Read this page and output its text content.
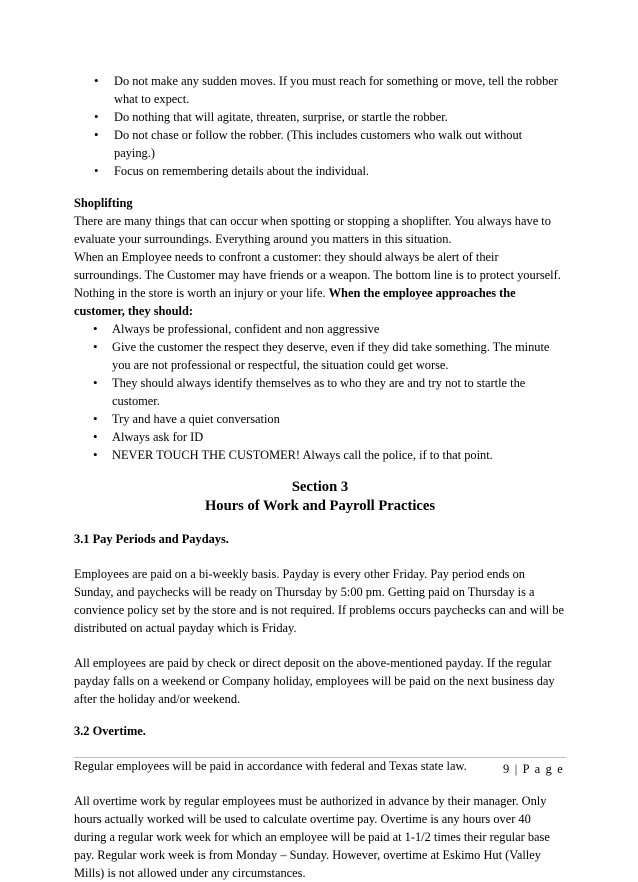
• Do not make any sudden moves. If you must reach for something or move, tell the robber what to expect.
• Do nothing that will agitate, threaten, surprise, or startle the robber.
• Do not chase or follow the robber. (This includes customers who walk out without paying.)
• Focus on remembering details about the individual.

Shoplifting

There are many things that can occur when spotting or stopping a shoplifter. You always have to evaluate your surroundings. Everything around you matters in this situation.

When an Employee needs to confront a customer: they should always be alert of their surroundings. The Customer may have friends or a weapon. The bottom line is to protect yourself. Nothing in the store is worth an injury or your life. When the employee approaches the customer, they should:

• Always be professional, confident and non aggressive
• Give the customer the respect they deserve, even if they did take something. The minute you are not professional or respectful, the situation could get worse.
• They should always identify themselves as to who they are and try not to startle the customer.
• Try and have a quiet conversation
• Always ask for ID
• NEVER TOUCH THE CUSTOMER! Always call the police, if to that point.

Section 3

Hours of Work and Payroll Practices

3.1 Pay Periods and Paydays.

Employees are paid on a bi-weekly basis. Payday is every other Friday. Pay period ends on Sunday, and paychecks will be ready on Thursday by 5:00 pm. Getting paid on Thursday is a convience policy set by the store and is not required. If problems occurs paychecks can and will be distributed on actual payday which is Friday.

All employees are paid by check or direct deposit on the above-mentioned payday. If the regular payday falls on a weekend or Company holiday, employees will be paid on the next business day after the holiday and/or weekend.

3.2 Overtime.

Regular employees will be paid in accordance with federal and Texas state law.

All overtime work by regular employees must be authorized in advance by their manager. Only hours actually worked will be used to calculate overtime pay. Overtime is any hours over 40 during a regular work week for which an employee will be paid at 1-1/2 times their regular base pay. Regular work week is from Monday – Sunday. However, overtime at Eskimo Hut (Valley Mills) is not allowed under any circumstances.

9 | P a g e
